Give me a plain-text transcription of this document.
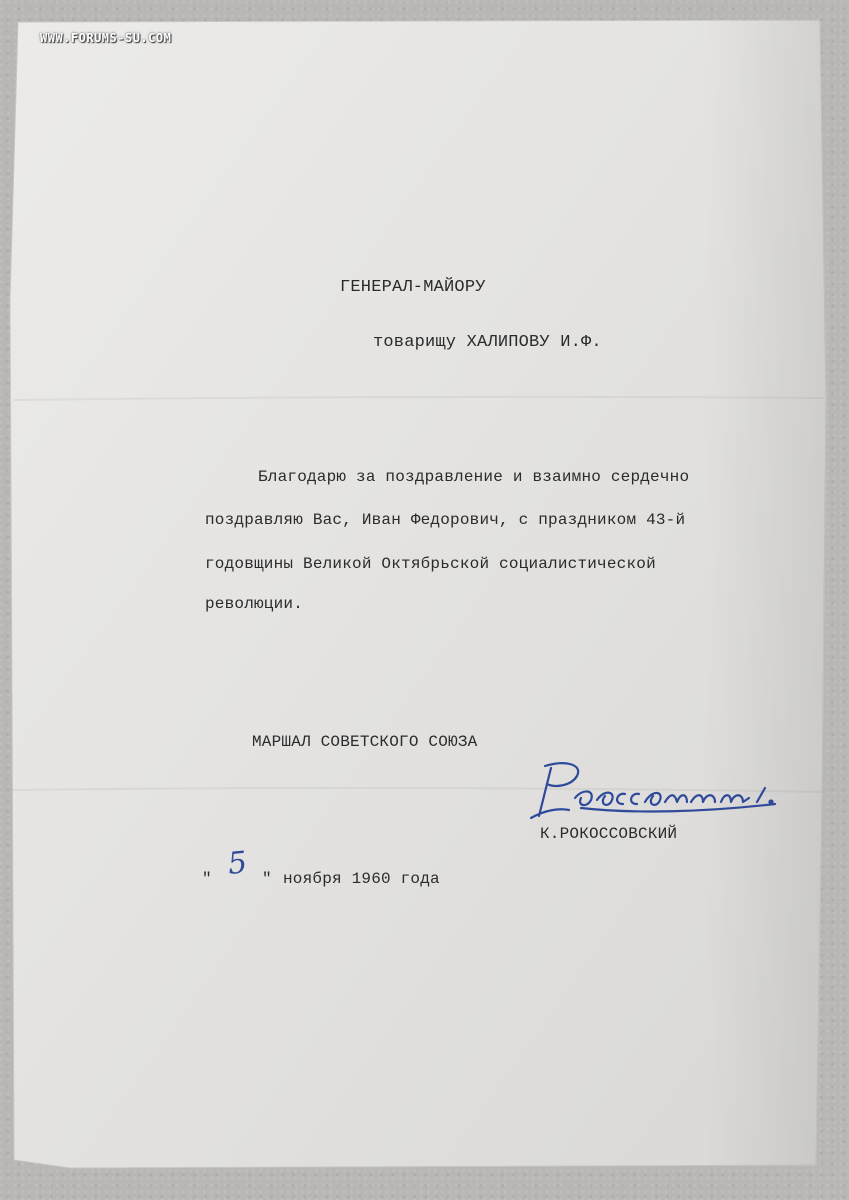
WWW.FORUMS-SU.COM
ГЕНЕРАЛ-МАЙОРУ
товарищу ХАЛИПОВУ И.Ф.
Благодарю за поздравление и взаимно сердечно
поздравляю Вас, Иван Федорович, с праздником 43-й
годовщины Великой Октябрьской социалистической
революции.
МАРШАЛ СОВЕТСКОГО СОЮЗА
К.РОКОССОВСКИЙ
" 5 " ноября 1960 года
